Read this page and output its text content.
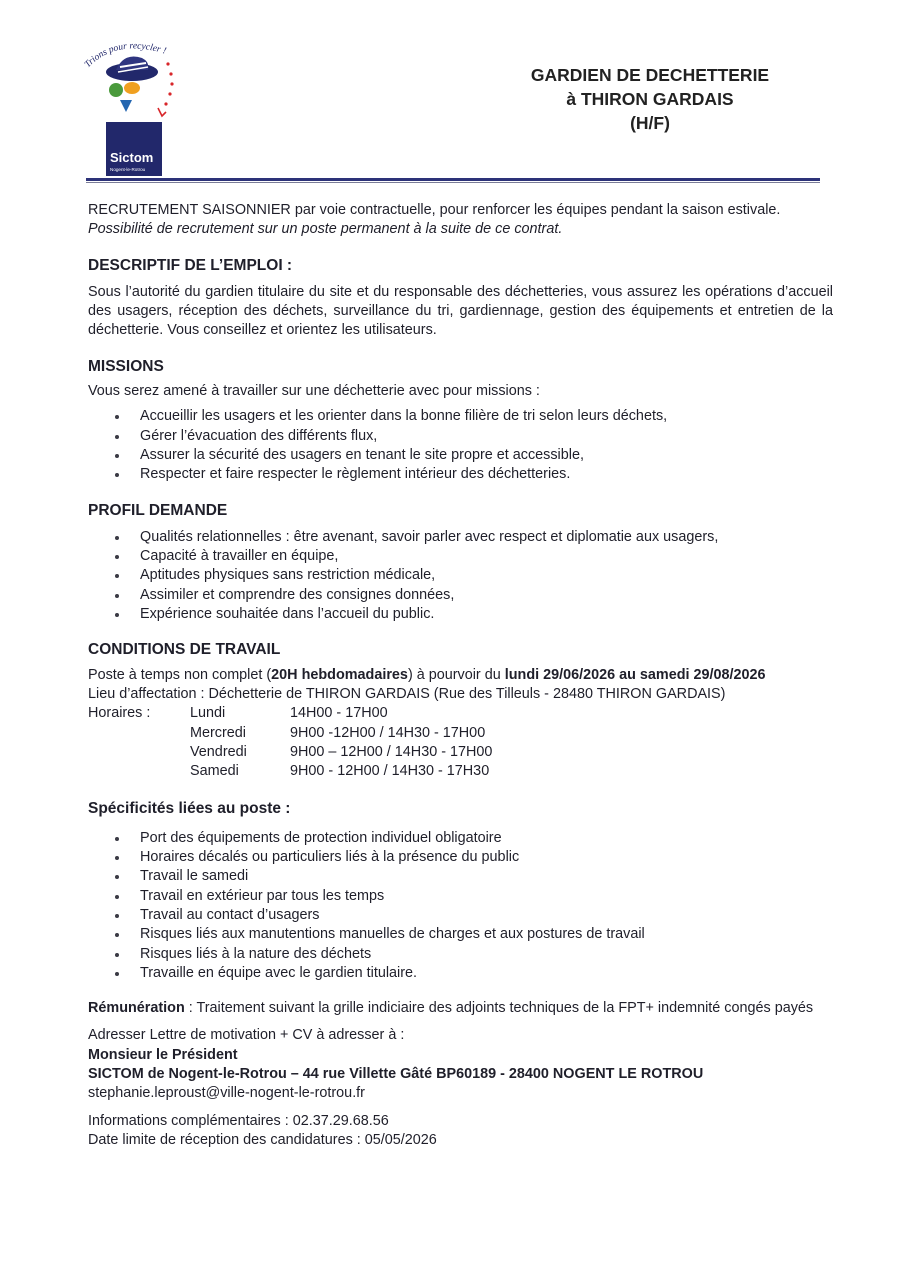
Trions pour recycler !
Sictom
Nogent-le-Rotrou
GARDIEN DE DECHETTERIE
à THIRON GARDAIS
(H/F)

RECRUTEMENT SAISONNIER par voie contractuelle, pour renforcer les équipes pendant la saison estivale. Possibilité de recrutement sur un poste permanent à la suite de ce contrat.

DESCRIPTIF DE L’EMPLOI :

Sous l’autorité du gardien titulaire du site et du responsable des déchetteries, vous assurez les opérations d’accueil des usagers, réception des déchets, surveillance du tri, gardiennage, gestion des équipements et entretien de la déchetterie. Vous conseillez et orientez les utilisateurs.

MISSIONS

Vous serez amené à travailler sur une déchetterie avec pour missions :

Accueillir les usagers et les orienter dans la bonne filière de tri selon leurs déchets,
Gérer l’évacuation des différents flux,
Assurer la sécurité des usagers en tenant le site propre et accessible,
Respecter et faire respecter le règlement intérieur des déchetteries.

PROFIL DEMANDE

Qualités relationnelles : être avenant, savoir parler avec respect et diplomatie aux usagers,
Capacité à travailler en équipe,
Aptitudes physiques sans restriction médicale,
Assimiler et comprendre des consignes données,
Expérience souhaitée dans l’accueil du public.

CONDITIONS DE TRAVAIL

Poste à temps non complet (20H hebdomadaires) à pourvoir du lundi 29/06/2026 au samedi 29/08/2026

Lieu d’affectation : Déchetterie de THIRON GARDAIS (Rue des Tilleuls - 28480 THIRON GARDAIS)

Horaires :	Lundi	14H00 - 17H00
	Mercredi	9H00 -12H00 / 14H30 - 17H00
	Vendredi	9H00 – 12H00 / 14H30 - 17H00
	Samedi	9H00 - 12H00 / 14H30 - 17H30

Spécificités liées au poste :

Port des équipements de protection individuel obligatoire
Horaires décalés ou particuliers liés à la présence du public
Travail le samedi
Travail en extérieur par tous les temps
Travail au contact d’usagers
Risques liés aux manutentions manuelles de charges et aux postures de travail
Risques liés à la nature des déchets
Travaille en équipe avec le gardien titulaire.

Rémunération : Traitement suivant la grille indiciaire des adjoints techniques de la FPT+ indemnité congés payés

Adresser Lettre de motivation + CV à adresser à :

Monsieur le Président

SICTOM de Nogent-le-Rotrou – 44 rue Villette Gâté BP60189 - 28400 NOGENT LE ROTROU

stephanie.leproust@ville-nogent-le-rotrou.fr

Informations complémentaires : 02.37.29.68.56

Date limite de réception des candidatures : 05/05/2026
